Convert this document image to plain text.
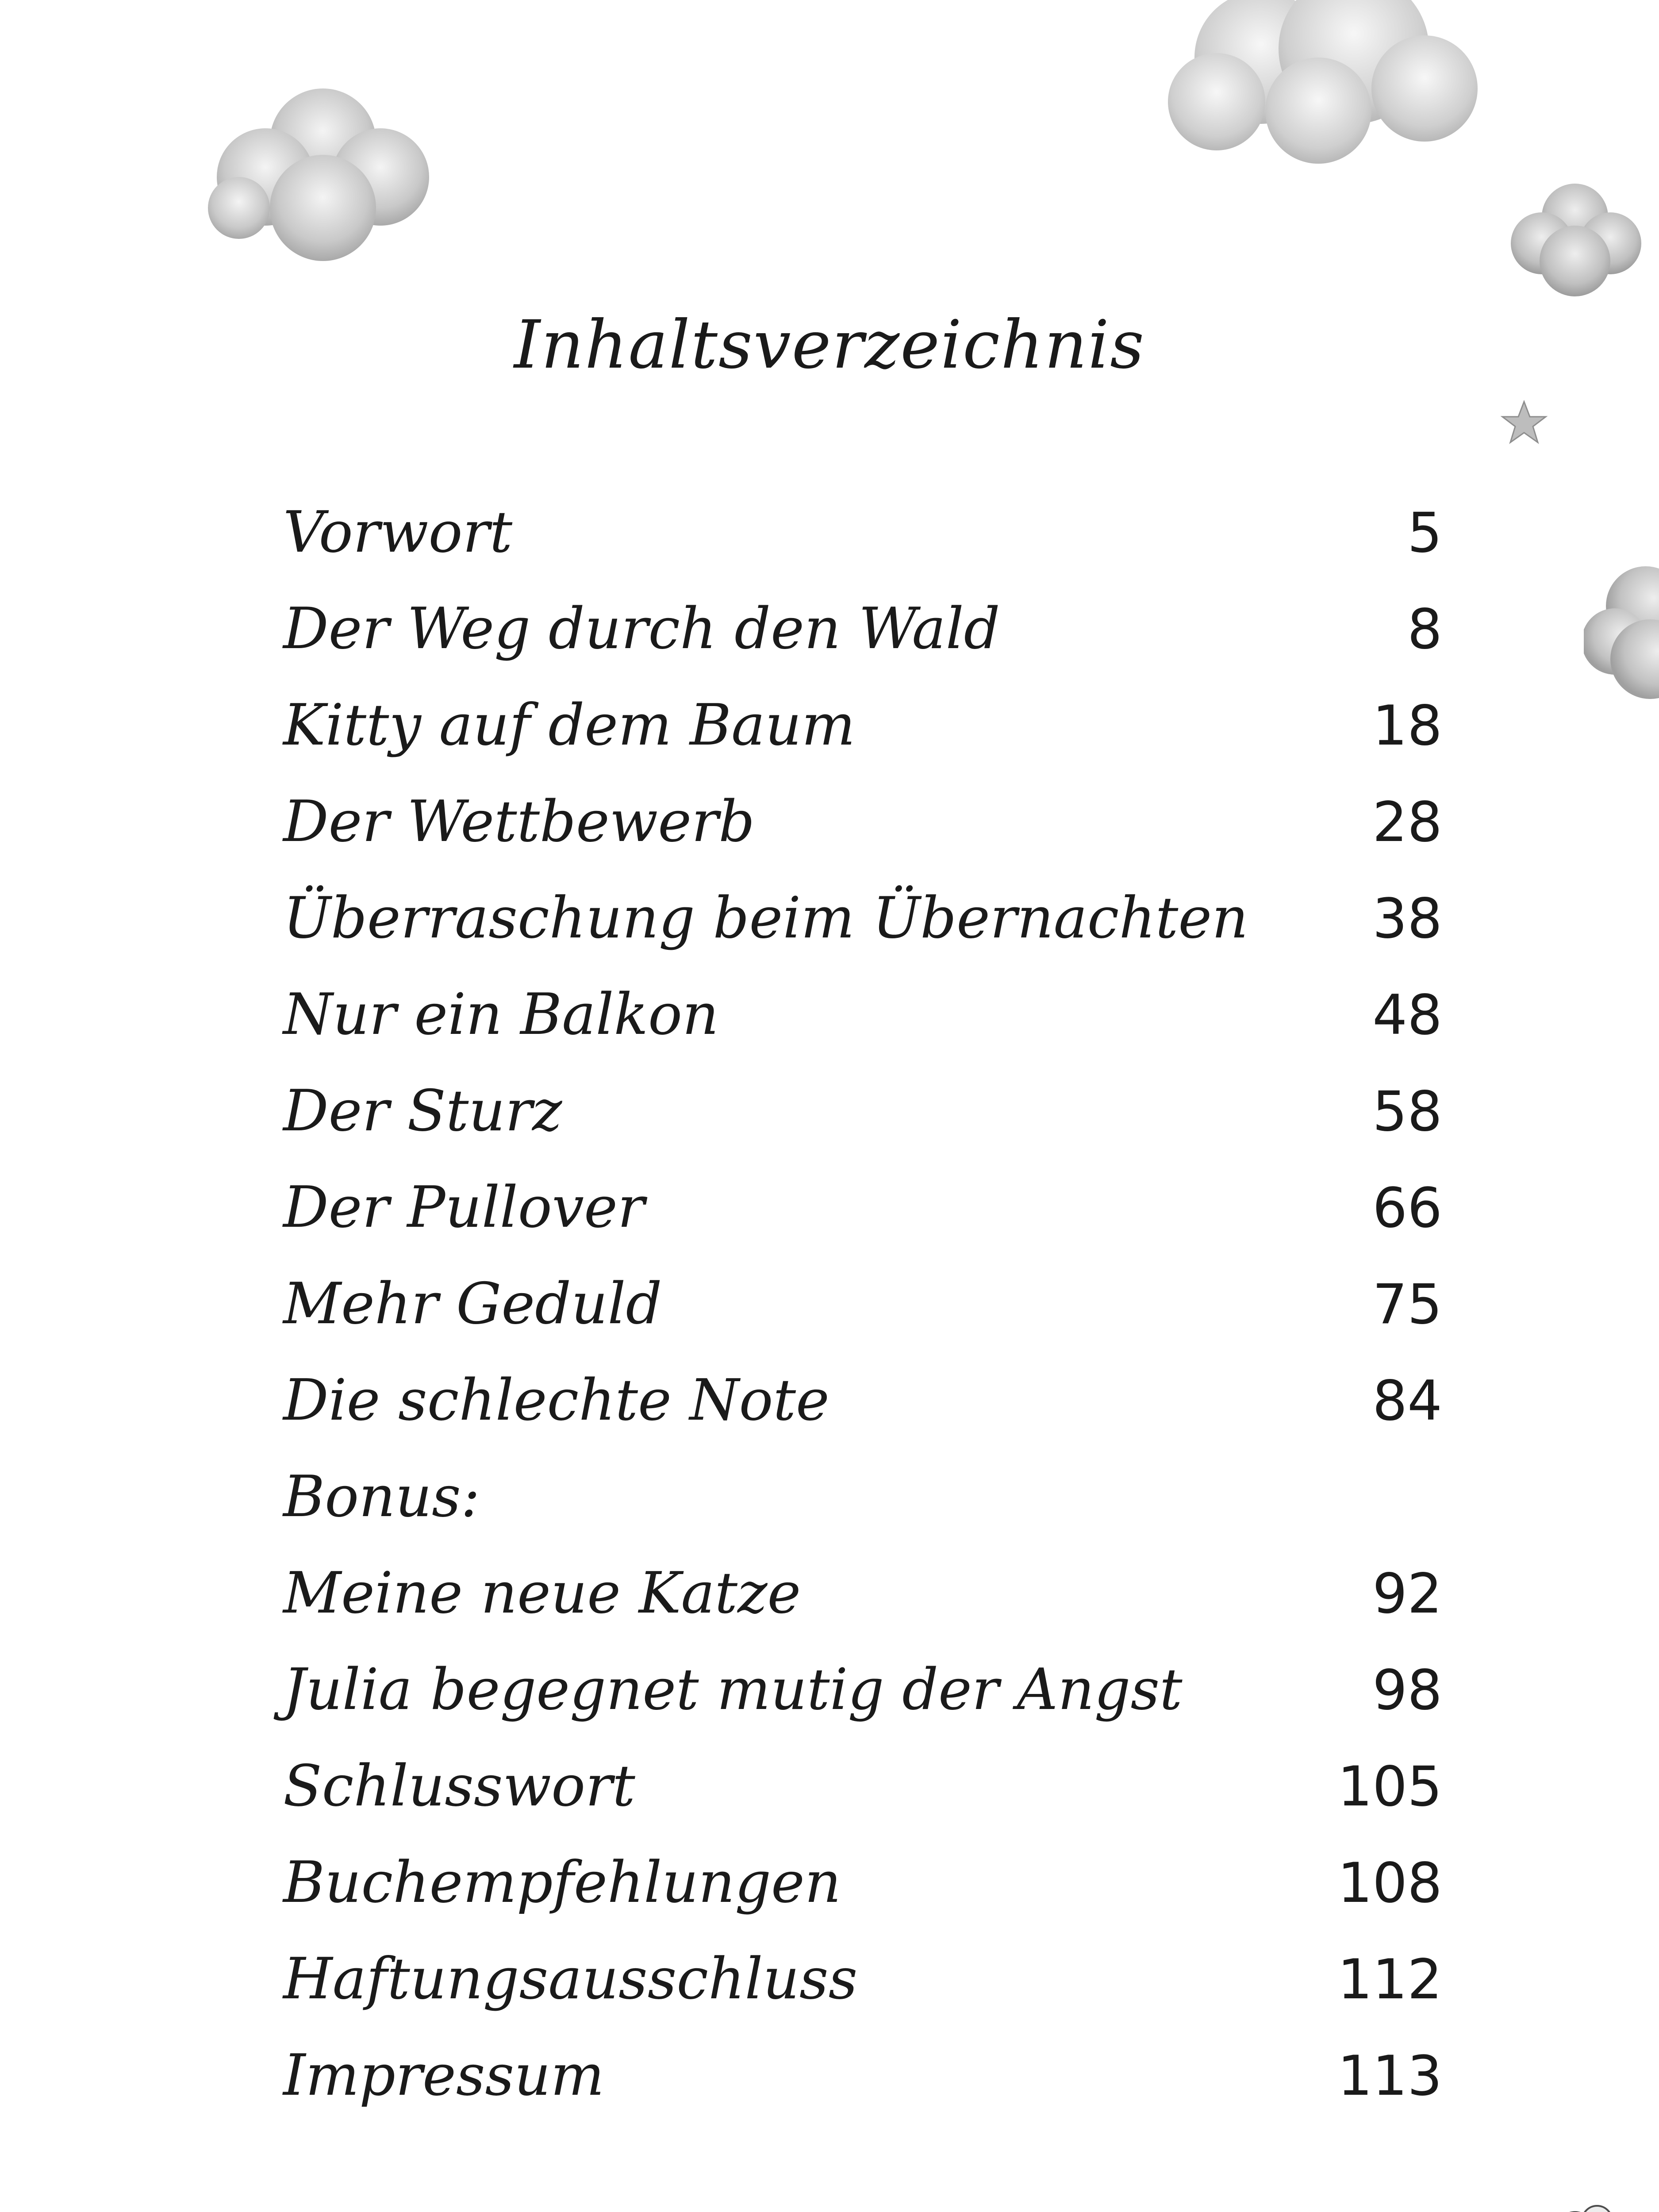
Inhaltsverzeichnis
Vorwort	5
Der Weg durch den Wald	8
Kitty auf dem Baum	18
Der Wettbewerb	28
Überraschung beim Übernachten 38
Nur ein Balkon	48
Der Sturz	58
Der Pullover	66
Mehr Geduld	75
Die schlechte Note	84
Bonus:
Meine neue Katze	92
Julia begegnet mutig der Angst	98
Schlusswort	105
Buchempfehlungen	108
Haftungsausschluss	112
Impressum	113
